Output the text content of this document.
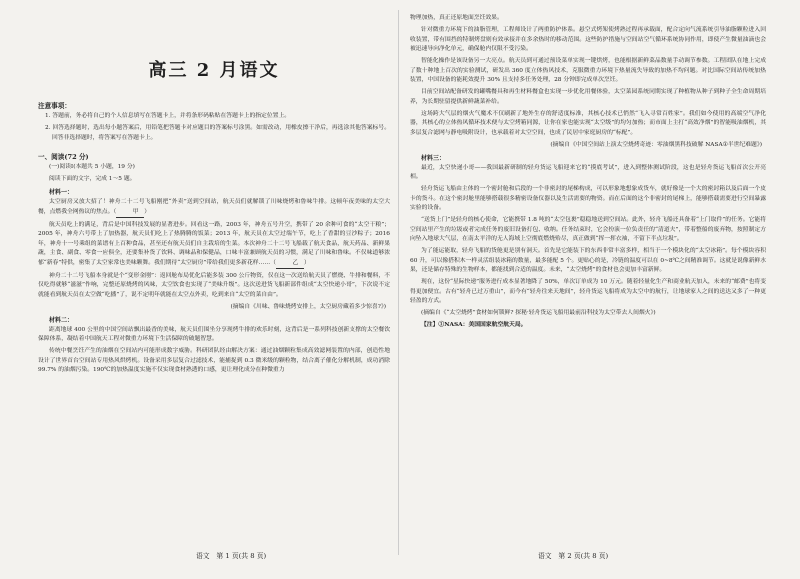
高三 2 月语文
注意事项：

1. 答题前，务必将自己的个人信息填写在答题卡上，并将条形码粘贴在答题卡上的指定位置上。

2. 回答选择题时，选出每小题答案后，用铅笔把答题卡对应题目的答案标号涂黑。如需改动，用橡皮擦干净后，再选涂其他答案标号。回答非选择题时，将答案写在答题卡上。

一、阅读(72 分)

(一)阅读Ⅰ(本题共 5 小题，19 分)

阅读下面的文字，完成 1～5 题。

材料一：

太空厨房又放大招了！神舟二十二号飞船刚把“外卖”送到空间站，航天员们就解锁了川味烧烤和鲁味牛排。这顿年夜美味的太空大餐，点燃我全网热议的焦点。（	甲 ）

航天员吃上的满足，背后是中国科技发展的显著进步。回看这一路，2003 年，神舟五号升空，携带了 20 余种可食的“太空干粮”；2005 年，神舟六号带上了加热器，航天员们吃上了热腾腾的饭菜；2013 年，航天员在太空过端午节，吃上了香甜的豆沙粽子；2016 年，神舟十一号乘组的菜谱有上百种食品，甚至还有航天员们自主栽培的生菜。本次神舟二十二号飞船载了航天食品，航天药品、新鲜果蔬，主食、副食、零食一应俱全，还要集补货了饮料、调味品和保健品，口味丰富兼顾航天员的习惯，满足了川味和鲁味。不仅味道够浓郁“新春”特供，密集了太空家常也美味颗舞。我们期待“太空厨房”带给我们更多新花样……（	乙 ）

神舟二十二号飞船本身就是个“变形金刚”：返回舱布局优化后能多装 300 公斤物资，仅在这一次送给航天员了燃烧、牛排和餐料，不仅吃得就够“滋滋”作响，完整还原烧烤的风味，太空饮食也实现了“美味升级”。这次送进货飞船新部件组成“太空快递小哥”，下次说不定就能看到航天员在太空做“吃播”了，说不定明年就能在太空点外卖，吃到来自“太空的菜自由”。

(摘编自《川味、鲁味烧烤安排上，太空厨房藏着多少惊喜?》)

材料二：

距离地球 400 公里的中国空间站飘出最香的美味，航天员们围坐分享现烤牛排的欢乐时刻，这背后是一系列科技创新支撑的太空餐饮保障体系，凝结着中国航天工程对微重力环境下生活保障的破题智慧。

传统中餐烹饪产生的油烟在空间站内可能形成数字威胁。科研团队经由解决方案：通过油烟颗粒集成高效滤网装置的内部，创造性地设计了世界首台空间站专用热风烘烤机。设备采用多层复合过滤技术，能捕捉到 0.3 微米级的颗粒物，结合离子催化分解机制，成功消除 99.7% 的油烟污染。190℃的加热温度实施不仅实现食材熟透的口感，更让理化成分在种微重力

物理加热，真正还原地面烹饪效果。

针对微重力环境下的油脂管理，工程师设计了两重防护体系。悬空式烤架使烤熟过程再承载面，配合定向气流系统引导油脂颗粒进入回收装置，带有围挡的特制烤盘则有效承接并在多余热时的移动范围。这些防护措施与空间站空气循环系统协同作用，即使产生微量油滴也会被迅速导向净化单元，确保舱内仅限不受污染。

智能化操作是该设备另一大亮点。航天员到可通过预设菜单实现一键烘烤，也能根据新鲜菜品数量手动调节参数。工程团队在地上完成了数十种地上百次的实验测试，研发出 360 度立体热风技术，克服微重力环境下热量流失导致的加热不均问题。对比国际空间站传统加热装置，中国设备的能耗效提升 30% 且支持多任务处理，28 分钟即完成单次烹饪。

目前空间站配备研发的罐嘴餐具和再生材料餐盒也实现一步优化用餐体验，太空菜园系统同期实现了种植物从种子到种子全生命周期培养，为长期驻留提供新鲜蔬菜补给。

这场跨大气层的烟火气魔术不仅刷新了地外生存的舒适度标准，其核心技术已悄然“飞入寻常百姓家”。我们如今使用的高端空气净化器，其核心的立体热风循环技术便与太空烤箱同源，让你在家也能实现“太空级”的均匀加热；而市面上主打“高效净烟”的智能吸油烟机，其多层复合滤网与静电吸附设计，也承载着对太空空间，也成了民居中家庭厨房的“标配”。

(摘编自《中国空间站上演太空烧烤奇迹：零油烟黑科技破解 NASA①半世纪难题》)

材料三：

最近，太空快递小哥——我国最新研制的轻舟货运飞船迎来它的“摸底考试”，进入到整体测试阶段，这也是轻舟货运飞船首次公开亮相。

轻舟货运飞船由主体的一个密封舱和后段的一个非密封的尾梯构成，可以形象地想象成货车，就好像是一个大的密封箱以及后面一个皮卡的货斗。在这个密封舱里能够搭载很多精密设备仪器以及生活需要的物资。而在后面的这个非密封的尾梯上，能够搭载需要进行空间暴露实验的设备。

“送货上门”是轻舟的核心使命，它能携带 1.8 吨的“太空包裹”稳稳地送到空间站。此外，轻舟飞船还具备着“上门取件”的任务。它能将空间站里产生的垃圾或者完成任务的废旧设备打包、收纳。任务结束时，它会扮演一位负责任的“清道夫”，带着整船的废弃物，按照制定方向坠入地球大气层，在南太平洋的无人海域上空彻底燃烧殆尽，真正做到“挥一挥衣袖，不留下半点垃圾”。

为了能运能取，轻舟飞船的货舱更是别有洞天。首先是它能装下的东西非常丰富多样，相当于一个模块化的“太空冰箱”。每个模块容积 60 升，可以像搭积木一样灵活组装冰箱的数量，最多能配 5 个。更贴心的是，冷链的温度可以在 0~8℃之间精准调节。这就是说像新鲜水果，还是储存特殊的生物样本，都能找到合适的温度。未来，“太空烧烤”的食材也会更加丰富新鲜。

现在，这份“星际快递”服务进行成本显著地降了 50%，单次订单成为 10 万元。随着轻量化生产和商业航天加入，未来的“邮费”也将变得更加便宜。古有“轻舟已过万重山”，而今有“轻舟往来天地间”，轻舟货运飞船将成为太空中的航行，让地球家人之间的送达又多了一种更轻盈的方式。

(摘编自《“太空烧烤”食材如何锁鲜? 探秘·轻舟货运飞船用最前沿科技为太空带去人间烟火》)

【注】①NASA：美国国家航空航天局。

语文　第 1 页(共 8 页)	语文　第 2 页(共 8 页)
